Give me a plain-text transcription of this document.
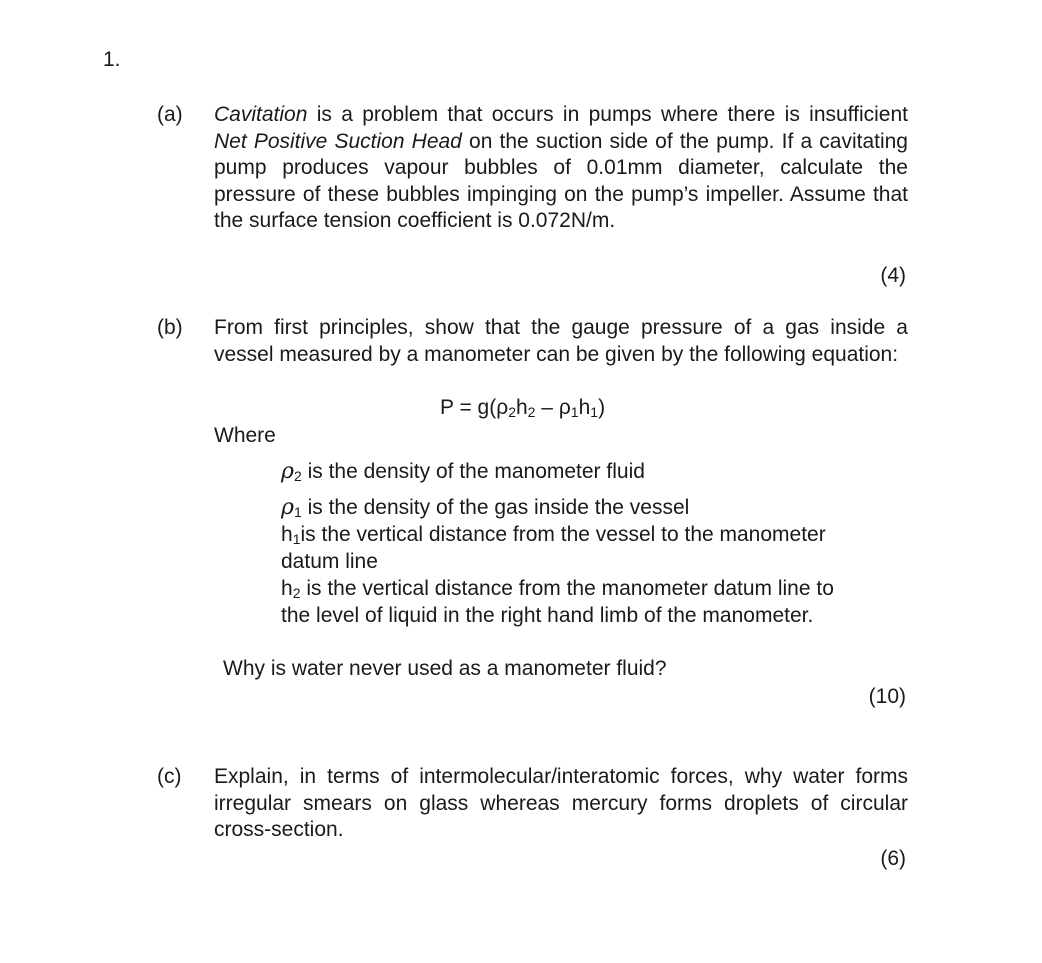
1.
(a) Cavitation is a problem that occurs in pumps where there is insufficient Net Positive Suction Head on the suction side of the pump. If a cavitating pump produces vapour bubbles of 0.01mm diameter, calculate the pressure of these bubbles impinging on the pump’s impeller. Assume that the surface tension coefficient is 0.072N/m.
(4)
(b) From first principles, show that the gauge pressure of a gas inside a vessel measured by a manometer can be given by the following equation:
$P = g(\rho_2h_2 - \rho_1h_1)$
Where
$\rho_2$ is the density of the manometer fluid
$\rho_1$ is the density of the gas inside the vessel
$h_1is$ the vertical distance from the vessel to the manometer
datum line
$h_2$ is the vertical distance from the manometer datum line to
the level of liquid in the right hand limb of the manometer.
Why is water never used as a manometer fluid?
(10)
(c) Explain, in terms of intermolecular/interatomic forces, why water forms irregular smears on glass whereas mercury forms droplets of circular cross-section.
(6)
